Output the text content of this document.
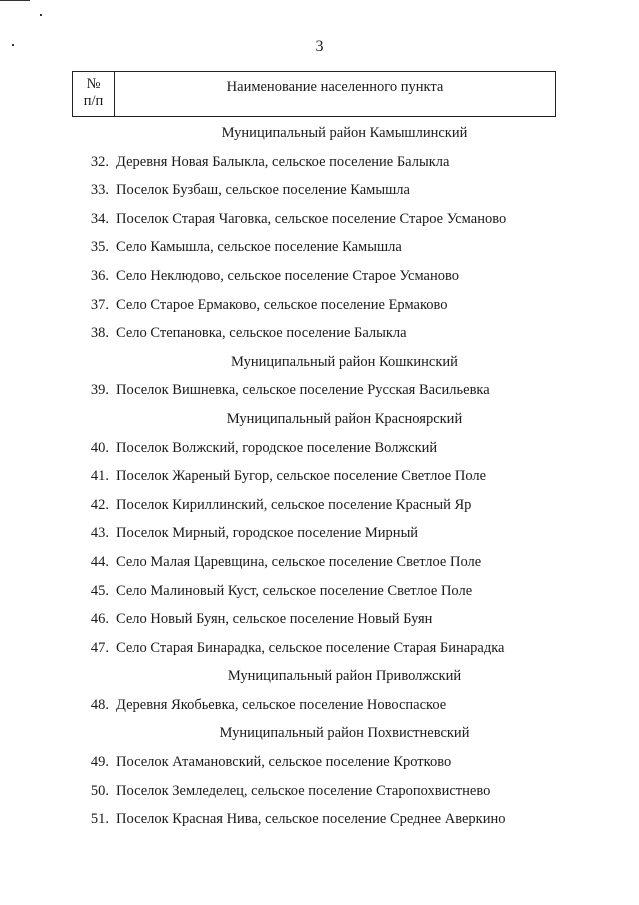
3
№
п/п
Наименование населенного пункта
Муниципальный район Камышлинский
32. Деревня Новая Балыкла, сельское поселение Балыкла
33. Поселок Бузбаш, сельское поселение Камышла
34. Поселок Старая Чаговка, сельское поселение Старое Усманово
35. Село Камышла, сельское поселение Камышла
36. Село Неклюдово, сельское поселение Старое Усманово
37. Село Старое Ермаково, сельское поселение Ермаково
38. Село Степановка, сельское поселение Балыкла
Муниципальный район Кошкинский
39. Поселок Вишневка, сельское поселение Русская Васильевка
Муниципальный район Красноярский
40. Поселок Волжский, городское поселение Волжский
41. Поселок Жареный Бугор, сельское поселение Светлое Поле
42. Поселок Кириллинский, сельское поселение Красный Яр
43. Поселок Мирный, городское поселение Мирный
44. Село Малая Царевщина, сельское поселение Светлое Поле
45. Село Малиновый Куст, сельское поселение Светлое Поле
46. Село Новый Буян, сельское поселение Новый Буян
47. Село Старая Бинарадка, сельское поселение Старая Бинарадка
Муниципальный район Приволжский
48. Деревня Якобьевка, сельское поселение Новоспаское
Муниципальный район Похвистневский
49. Поселок Атамановский, сельское поселение Кротково
50. Поселок Земледелец, сельское поселение Старопохвистнево
51. Поселок Красная Нива, сельское поселение Среднее Аверкино
